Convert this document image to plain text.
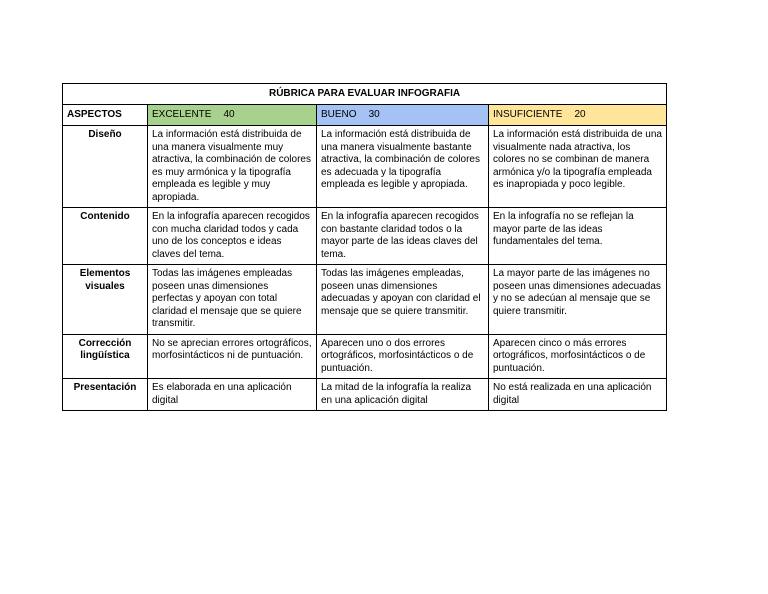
RÚBRICA PARA EVALUAR INFOGRAFIA			
ASPECTOS	EXCELENTE 40	BUENO 30	INSUFICIENTE 20
Diseño	La información está distribuida de una manera visualmente muy atractiva, la combinación de colores es muy armónica y la tipografía empleada es legible y muy apropiada.	La información está distribuida de una manera visualmente bastante atractiva, la combinación de colores es adecuada y la tipografía empleada es legible y apropiada.	La información está distribuida de una visualmente nada atractiva, los colores no se combinan de manera armónica y/o la tipografía empleada es inapropiada y poco legible.
Contenido	En la infografía aparecen recogidos con mucha claridad todos y cada uno de los conceptos e ideas claves del tema.	En la infografía aparecen recogidos con bastante claridad todos o la mayor parte de las ideas claves del tema.	En la infografía no se reflejan la mayor parte de las ideas fundamentales del tema.
Elementos visuales	Todas las imágenes empleadas poseen unas dimensiones perfectas y apoyan con total claridad el mensaje que se quiere transmitir.	Todas las imágenes empleadas, poseen unas dimensiones adecuadas y apoyan con claridad el mensaje que se quiere transmitir.	La mayor parte de las imágenes no poseen unas dimensiones adecuadas y no se adecúan al mensaje que se quiere transmitir.
Corrección lingüística	No se aprecian errores ortográficos, morfosintácticos ni de puntuación.	Aparecen uno o dos errores ortográficos, morfosintácticos o de puntuación.	Aparecen cinco o más errores ortográficos, morfosintácticos o de puntuación.
Presentación	Es elaborada en una aplicación digital	La mitad de la infografía la realiza en una aplicación digital	No está realizada en una aplicación digital
